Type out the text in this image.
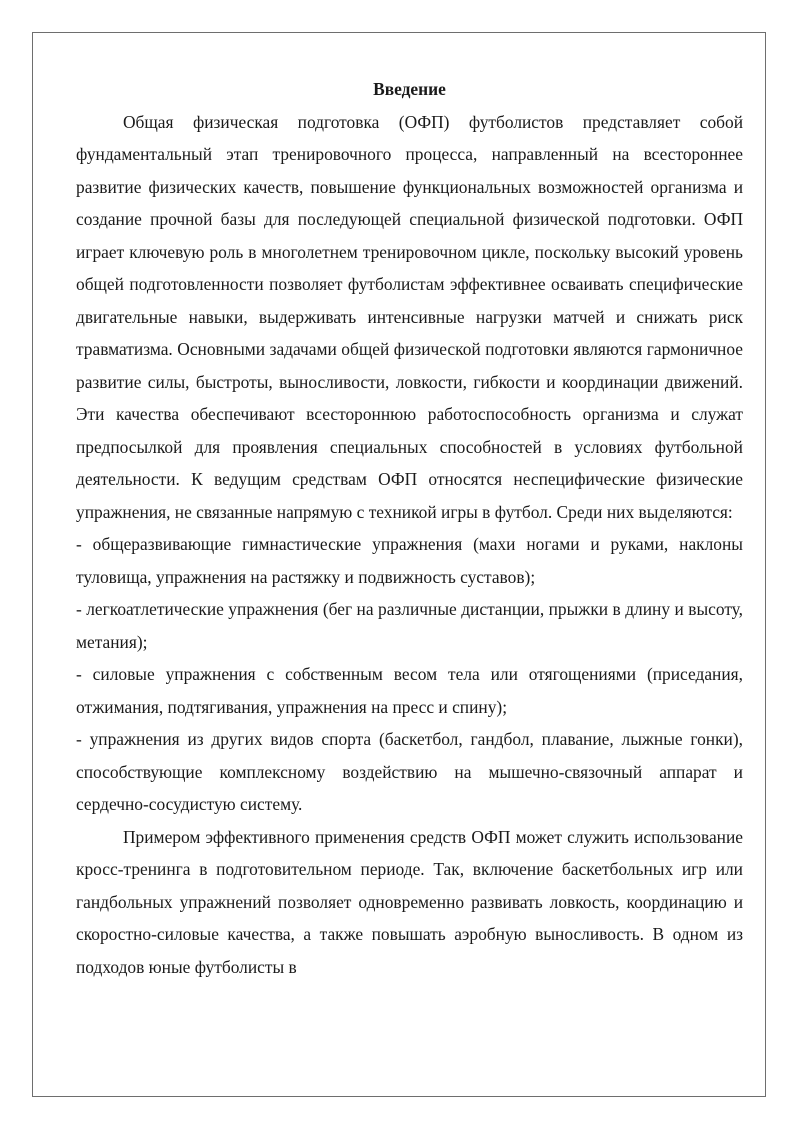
Введение

Общая физическая подготовка (ОФП) футболистов представляет собой фундаментальный этап тренировочного процесса, направленный на всестороннее развитие физических качеств, повышение функциональных возможностей организма и создание прочной базы для последующей специальной физической подготовки. ОФП играет ключевую роль в многолетнем тренировочном цикле, поскольку высокий уровень общей подготовленности позволяет футболистам эффективнее осваивать специфические двигательные навыки, выдерживать интенсивные нагрузки матчей и снижать риск травматизма. Основными задачами общей физической подготовки являются гармоничное развитие силы, быстроты, выносливости, ловкости, гибкости и координации движений. Эти качества обеспечивают всестороннюю работоспособность организма и служат предпосылкой для проявления специальных способностей в условиях футбольной деятельности. К ведущим средствам ОФП относятся неспецифические физические упражнения, не связанные напрямую с техникой игры в футбол. Среди них выделяются:

- общеразвивающие гимнастические упражнения (махи ногами и руками, наклоны туловища, упражнения на растяжку и подвижность суставов);

- легкоатлетические упражнения (бег на различные дистанции, прыжки в длину и высоту, метания);

- силовые упражнения с собственным весом тела или отягощениями (приседания, отжимания, подтягивания, упражнения на пресс и спину);

- упражнения из других видов спорта (баскетбол, гандбол, плавание, лыжные гонки), способствующие комплексному воздействию на мышечно-связочный аппарат и сердечно-сосудистую систему.

Примером эффективного применения средств ОФП может служить использование кросс-тренинга в подготовительном периоде. Так, включение баскетбольных игр или гандбольных упражнений позволяет одновременно развивать ловкость, координацию и скоростно-силовые качества, а также повышать аэробную выносливость. В одном из подходов юные футболисты в
